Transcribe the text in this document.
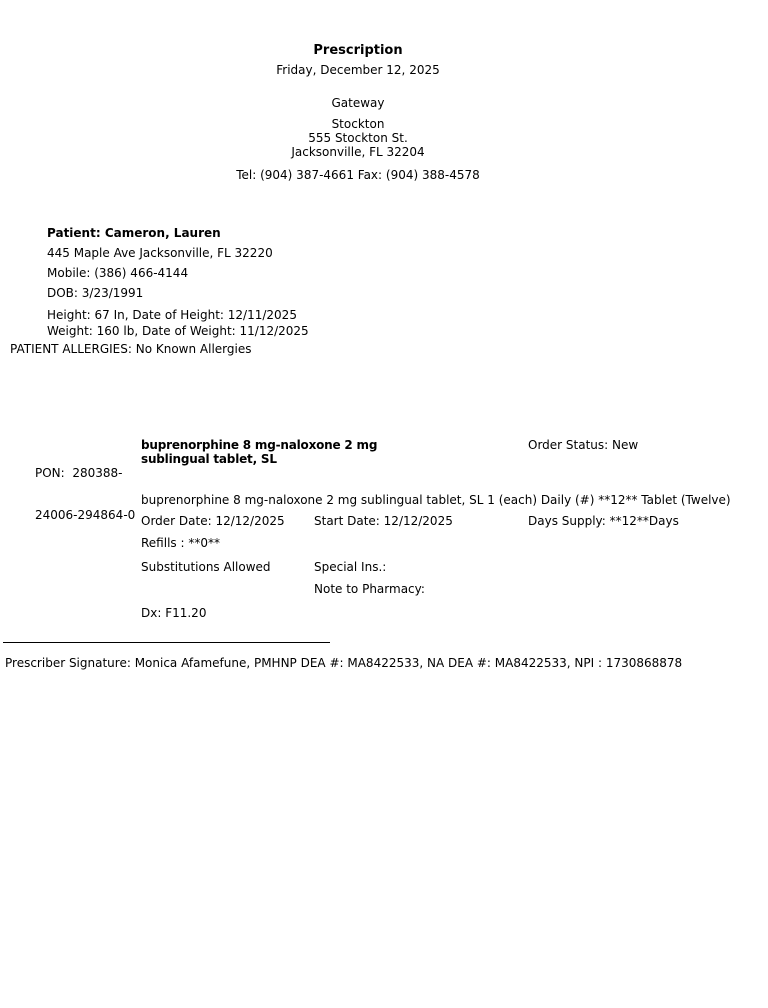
Prescription
Friday, December 12, 2025
Gateway
Stockton
555 Stockton St.
Jacksonville, FL 32204
Tel: (904) 387-4661 Fax: (904) 388-4578
Patient: Cameron, Lauren
445 Maple Ave Jacksonville, FL 32220
Mobile: (386) 466-4144
DOB: 3/23/1991
Height: 67 In, Date of Height: 12/11/2025
Weight: 160 lb, Date of Weight: 11/12/2025
PATIENT ALLERGIES: No Known Allergies

PON:  280388-

24006-294864-0

buprenorphine 8 mg-naloxone 2 mg
sublingual tablet, SL
Order Status: New
buprenorphine 8 mg-naloxone 2 mg sublingual tablet, SL 1 (each) Daily (#) **12** Tablet (Twelve)
Order Date: 12/12/2025	Start Date: 12/12/2025	Days Supply: **12**Days
Refills : **0**
Substitutions Allowed	Special Ins.:
Note to Pharmacy:
Dx: F11.20
Prescriber Signature: Monica Afamefune, PMHNP DEA #: MA8422533, NA DEA #: MA8422533, NPI : 1730868878
